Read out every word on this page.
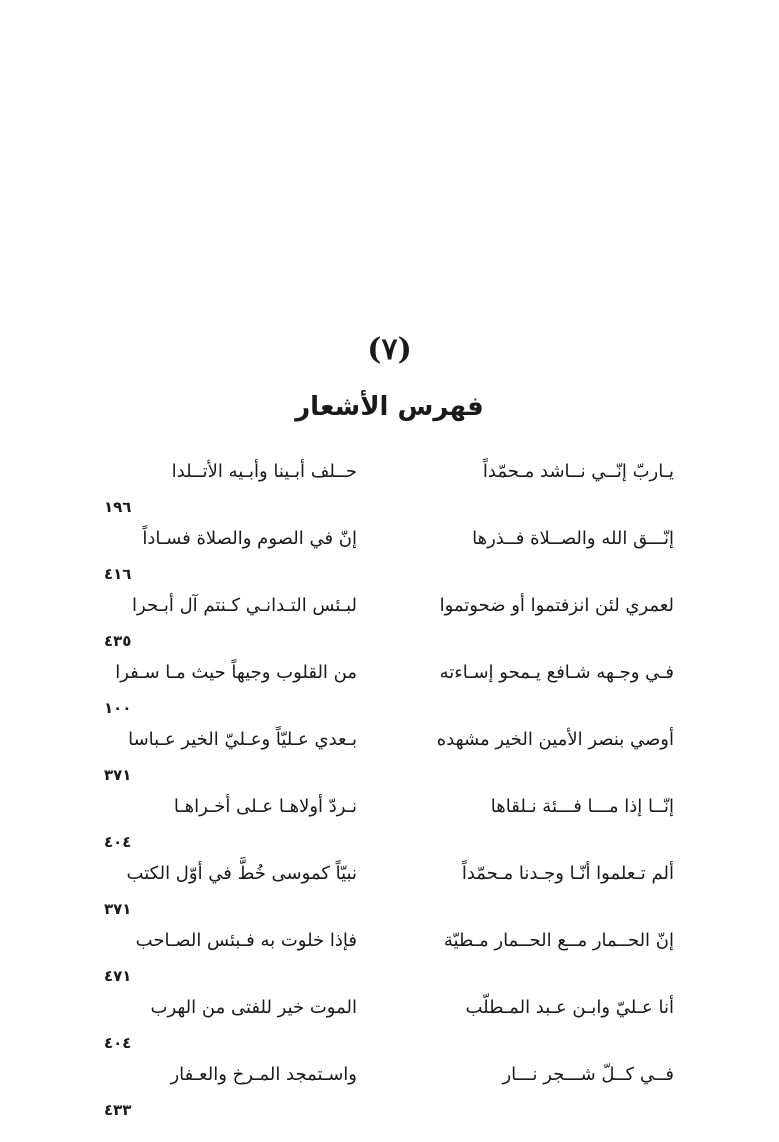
(٧)
فهرس الأشعار
يـاربّ إنّــي نــاشد مـحمّداً
حــلف أبـينا وأبـيه الأتــلدا
١٩٦
إنّـــق الله والصــلاة فــذرها
إنّ في الصوم والصلاة فسـاداً
٤١٦
لعمري لئن انزفتموا أو ضحوتموا
لبـئس التـدانـي كـنتم آل أبـحرا
٤٣٥
فـي وجـهه شـافع يـمحو إسـاءته
من القلوب وجيهاً حيث مـا سـفرا
١٠٠
أوصي بنصر الأمين الخير مشهده
بـعدي عـليّاً وعـليّ الخير عـباسا
٣٧١
إنّــا إذا مـــا فـــئة نـلقاها
نـردّ أولاهـا عـلى أخـراهـا
٤٠٤
ألم تـعلموا أنّـا وجـدنا مـحمّداً
نبيّاً كموسى خُطَّ في أوّل الكتب
٣٧١
إنّ الحــمار مــع الحــمار مـطيّة
فإذا خلوت به فـبئس الصـاحب
٤٧١
أنا عـليّ وابـن عـبد المـطلّب
الموت خير للفتى من الهرب
٤٠٤
فــي كــلّ شـــجر نـــار
واسـتمجد المـرخ والعـفار
٤٣٣
